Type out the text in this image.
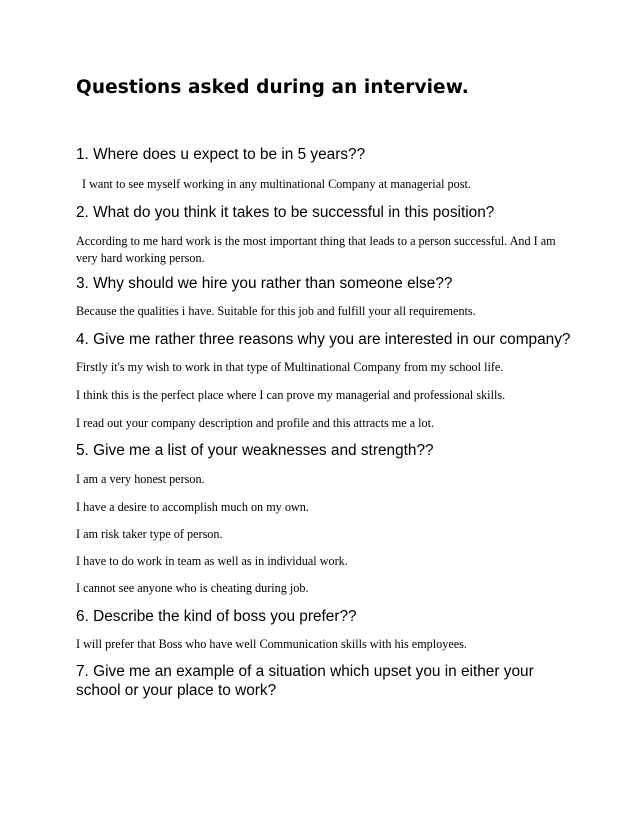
Questions asked during an interview.

1. Where does u expect to be in 5 years??

I want to see myself working in any multinational Company at managerial post.

2. What do you think it takes to be successful in this position?

According to me hard work is the most important thing that leads to a person successful. And I am very hard working person.

3. Why should we hire you rather than someone else??

Because the qualities i have. Suitable for this job and fulfill your all requirements.

4. Give me rather three reasons why you are interested in our company?

Firstly it's my wish to work in that type of Multinational Company from my school life.

I think this is the perfect place where I can prove my managerial and professional skills.

I read out your company description and profile and this attracts me a lot.

5. Give me a list of your weaknesses and strength??

I am a very honest person.

I have a desire to accomplish much on my own.

I am risk taker type of person.

I have to do work in team as well as in individual work.

I cannot see anyone who is cheating during job.

6. Describe the kind of boss you prefer??

I will prefer that Boss who have well Communication skills with his employees.

7. Give me an example of a situation which upset you in either your school or your place to work?
